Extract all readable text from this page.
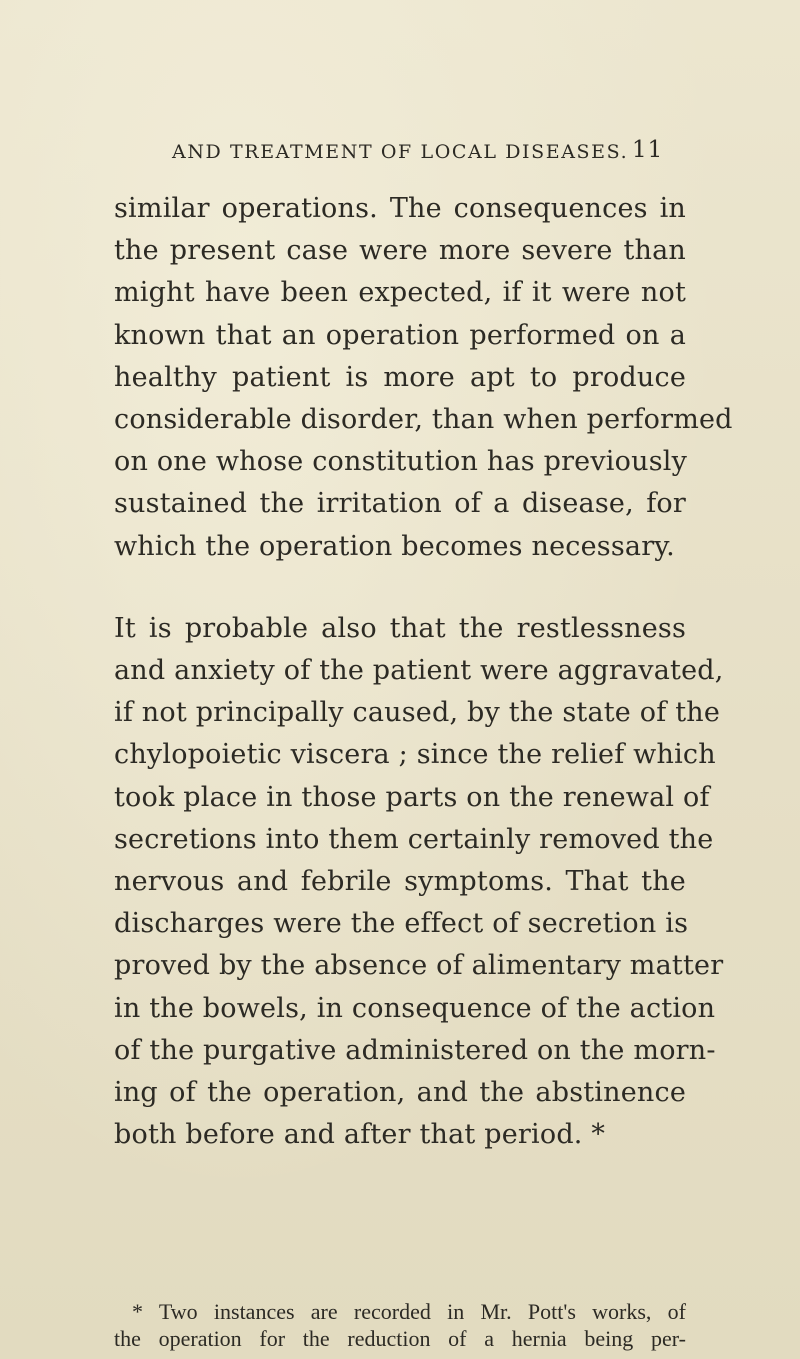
AND TREATMENT OF LOCAL DISEASES. 11
similar operations. The consequences in
the present case were more severe than
might have been expected, if it were not
known that an operation performed on a
healthy patient is more apt to produce
considerable disorder, than when performed
on one whose constitution has previously
sustained the irritation of a disease, for
which the operation becomes necessary.
It is probable also that the restlessness
and anxiety of the patient were aggravated,
if not principally caused, by the state of the
chylopoietic viscera ; since the relief which
took place in those parts on the renewal of
secretions into them certainly removed the
nervous and febrile symptoms. That the
discharges were the effect of secretion is
proved by the absence of alimentary matter
in the bowels, in consequence of the action
of the purgative administered on the morn-
ing of the operation, and the abstinence
both before and after that period. *
* Two instances are recorded in Mr. Pott's works, of
the operation for the reduction of a hernia being per-
